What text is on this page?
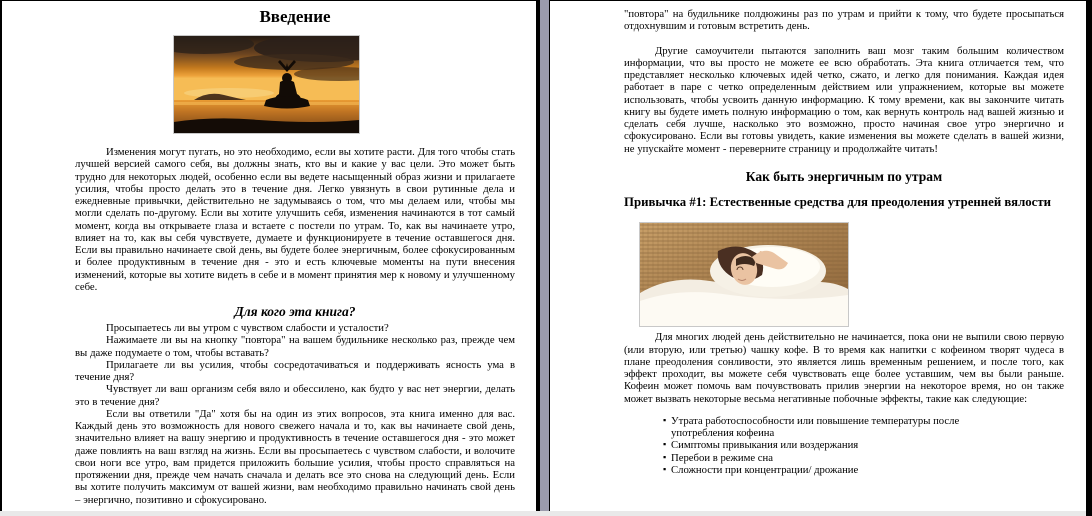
Введение

Изменения могут пугать, но это необходимо, если вы хотите расти. Для того чтобы стать лучшей версией самого себя, вы должны знать, кто вы и какие у вас цели. Это может быть трудно для некоторых людей, особенно если вы ведете насыщенный образ жизни и прилагаете усилия, чтобы просто делать это в течение дня. Легко увязнуть в свои рутинные дела и ежедневные привычки, действительно не задумываясь о том, что мы делаем или, чтобы мы могли сделать по-другому. Если вы хотите улучшить себя, изменения начинаются в тот самый момент, когда вы открываете глаза и встаете с постели по утрам. То, как вы начинаете утро, влияет на то, как вы себя чувствуете, думаете и функционируете в течение оставшегося дня. Если вы правильно начинаете свой день, вы будете более энергичным, более сфокусированным и более продуктивным в течение дня - это и есть ключевые моменты на пути внесения изменений, которые вы хотите видеть в себе и в момент принятия мер к новому и улучшенному себе.

Для кого эта книга?

Просыпаетесь ли вы утром с чувством слабости и усталости?

Нажимаете ли вы на кнопку "повтора" на вашем будильнике несколько раз, прежде чем вы даже подумаете о том, чтобы вставать?

Прилагаете ли вы усилия, чтобы сосредотачиваться и поддерживать ясность ума в течение дня?

Чувствует ли ваш организм себя вяло и обессилено, как будто у вас нет энергии, делать это в течение дня?

Если вы ответили "Да" хотя бы на один из этих вопросов, эта книга именно для вас. Каждый день это возможность для нового свежего начала и то, как вы начинаете свой день, значительно влияет на вашу энергию и продуктивность в течение оставшегося дня - это может даже повлиять на ваш взгляд на жизнь. Если вы просыпаетесь с чувством слабости, и волочите свои ноги все утро, вам придется приложить большие усилия, чтобы просто справляться на протяжении дня, прежде чем начать сначала и делать все это снова на следующий день. Если вы хотите получить максимум от вашей жизни, вам необходимо правильно начинать свой день – энергично, позитивно и сфокусировано.

"повтора" на будильнике полдюжины раз по утрам и прийти к тому, что будете просыпаться отдохнувшим и готовым встретить день.

Другие самоучители пытаются заполнить ваш мозг таким большим количеством информации, что вы просто не можете ее всю обработать. Эта книга отличается тем, что представляет несколько ключевых идей четко, сжато, и легко для понимания. Каждая идея работает в паре с четко определенным действием или упражнением, которые вы можете использовать, чтобы усвоить данную информацию. К тому времени, как вы закончите читать книгу вы будете иметь полную информацию о том, как вернуть контроль над вашей жизнью и сделать себя лучше, насколько это возможно, просто начиная свое утро энергично и сфокусировано. Если вы готовы увидеть, какие изменения вы можете сделать в вашей жизни, не упускайте момент - переверните страницу и продолжайте читать!

Как быть энергичным по утрам
Привычка #1: Естественные средства для преодоления утренней вялости

Для многих людей день действительно не начинается, пока они не выпили свою первую (или вторую, или третью) чашку кофе. В то время как напитки с кофеином творят чудеса в плане преодоления сонливости, это является лишь временным решением, и после того, как эффект проходит, вы можете себя чувствовать еще более уставшим, чем вы были раньше. Кофеин может помочь вам почувствовать прилив энергии на некоторое время, но он также может вызвать некоторые весьма негативные побочные эффекты, такие как следующие:

▪ Утрата работоспособности или повышение температуры после употребления кофеина
▪ Симптомы привыкания или воздержания
▪ Перебои в режиме сна
▪ Сложности при концентрации/ дрожание
